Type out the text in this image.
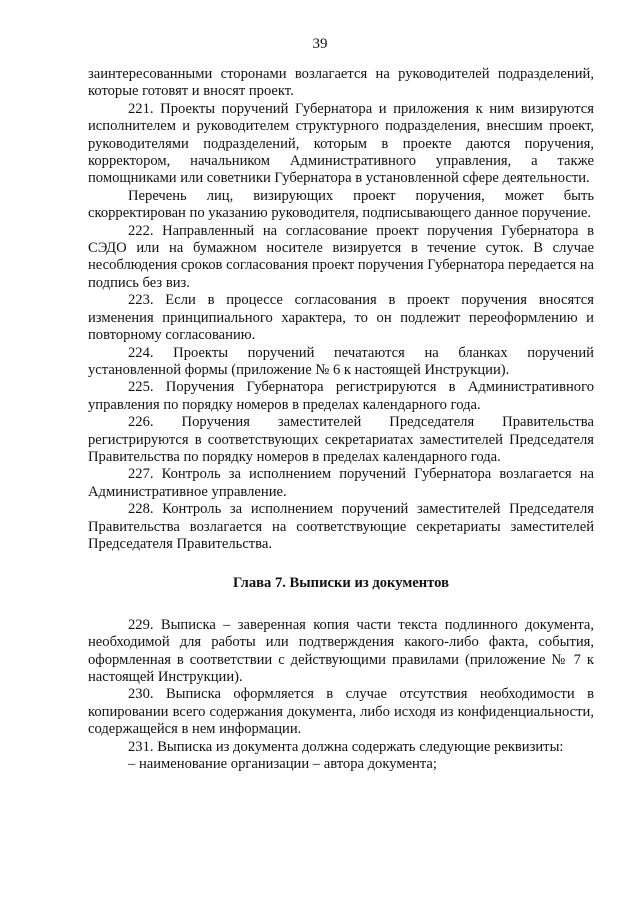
39

заинтересованными сторонами возлагается на руководителей подразделений, которые готовят и вносят проект.

221. Проекты поручений Губернатора и приложения к ним визируются исполнителем и руководителем структурного подразделения, внесшим проект, руководителями подразделений, которым в проекте даются поручения, корректором, начальником Административного управления, а также помощниками или советники Губернатора в установленной сфере деятельности.

Перечень лиц, визирующих проект поручения, может быть скорректирован по указанию руководителя, подписывающего данное поручение.

222. Направленный на согласование проект поручения Губернатора в СЭДО или на бумажном носителе визируется в течение суток. В случае несоблюдения сроков согласования проект поручения Губернатора передается на подпись без виз.

223. Если в процессе согласования в проект поручения вносятся изменения принципиального характера, то он подлежит переоформлению и повторному согласованию.

224. Проекты поручений печатаются на бланках поручений установленной формы (приложение № 6 к настоящей Инструкции).

225. Поручения Губернатора регистрируются в Административного управления по порядку номеров в пределах календарного года.

226. Поручения заместителей Председателя Правительства регистрируются в соответствующих секретариатах заместителей Председателя Правительства по порядку номеров в пределах календарного года.

227. Контроль за исполнением поручений Губернатора возлагается на Административное управление.

228. Контроль за исполнением поручений заместителей Председателя Правительства возлагается на соответствующие секретариаты заместителей Председателя Правительства.

Глава 7. Выписки из документов

229. Выписка – заверенная копия части текста подлинного документа, необходимой для работы или подтверждения какого-либо факта, события, оформленная в соответствии с действующими правилами (приложение № 7 к настоящей Инструкции).

230. Выписка оформляется в случае отсутствия необходимости в копировании всего содержания документа, либо исходя из конфиденциальности, содержащейся в нем информации.

231. Выписка из документа должна содержать следующие реквизиты:

– наименование организации – автора документа;
